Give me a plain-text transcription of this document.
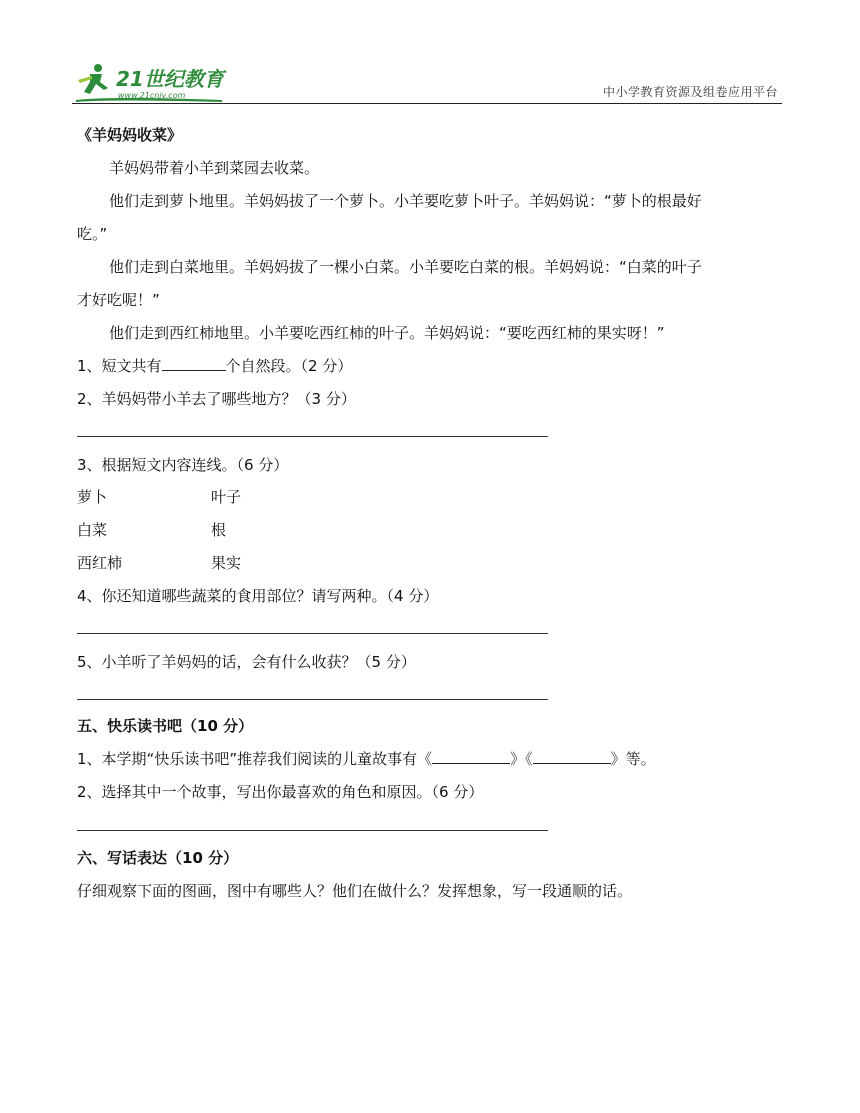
21世纪教育
www.21cnjy.com	中小学教育资源及组卷应用平台
《羊妈妈收菜》
羊妈妈带着小羊到菜园去收菜。
他们走到萝卜地里。羊妈妈拔了一个萝卜。小羊要吃萝卜叶子。羊妈妈说：“萝卜的根最好
吃。”
他们走到白菜地里。羊妈妈拔了一棵小白菜。小羊要吃白菜的根。羊妈妈说：“白菜的叶子
才好吃呢！”
他们走到西红柿地里。小羊要吃西红柿的叶子。羊妈妈说：“要吃西红柿的果实呀！”
1、短文共有	个自然段。（2 分）
2、羊妈妈带小羊去了哪些地方？（3 分）
3、根据短文内容连线。（6 分）
萝卜	叶子
白菜	根
西红柿	果实
4、你还知道哪些蔬菜的食用部位？请写两种。（4 分）
5、小羊听了羊妈妈的话，会有什么收获？（5 分）
五、快乐读书吧（10 分）
1、本学期“快乐读书吧”推荐我们阅读的儿童故事有《	》《	》等。
2、选择其中一个故事，写出你最喜欢的角色和原因。（6 分）
六、写话表达（10 分）
仔细观察下面的图画，图中有哪些人？他们在做什么？发挥想象，写一段通顺的话。
